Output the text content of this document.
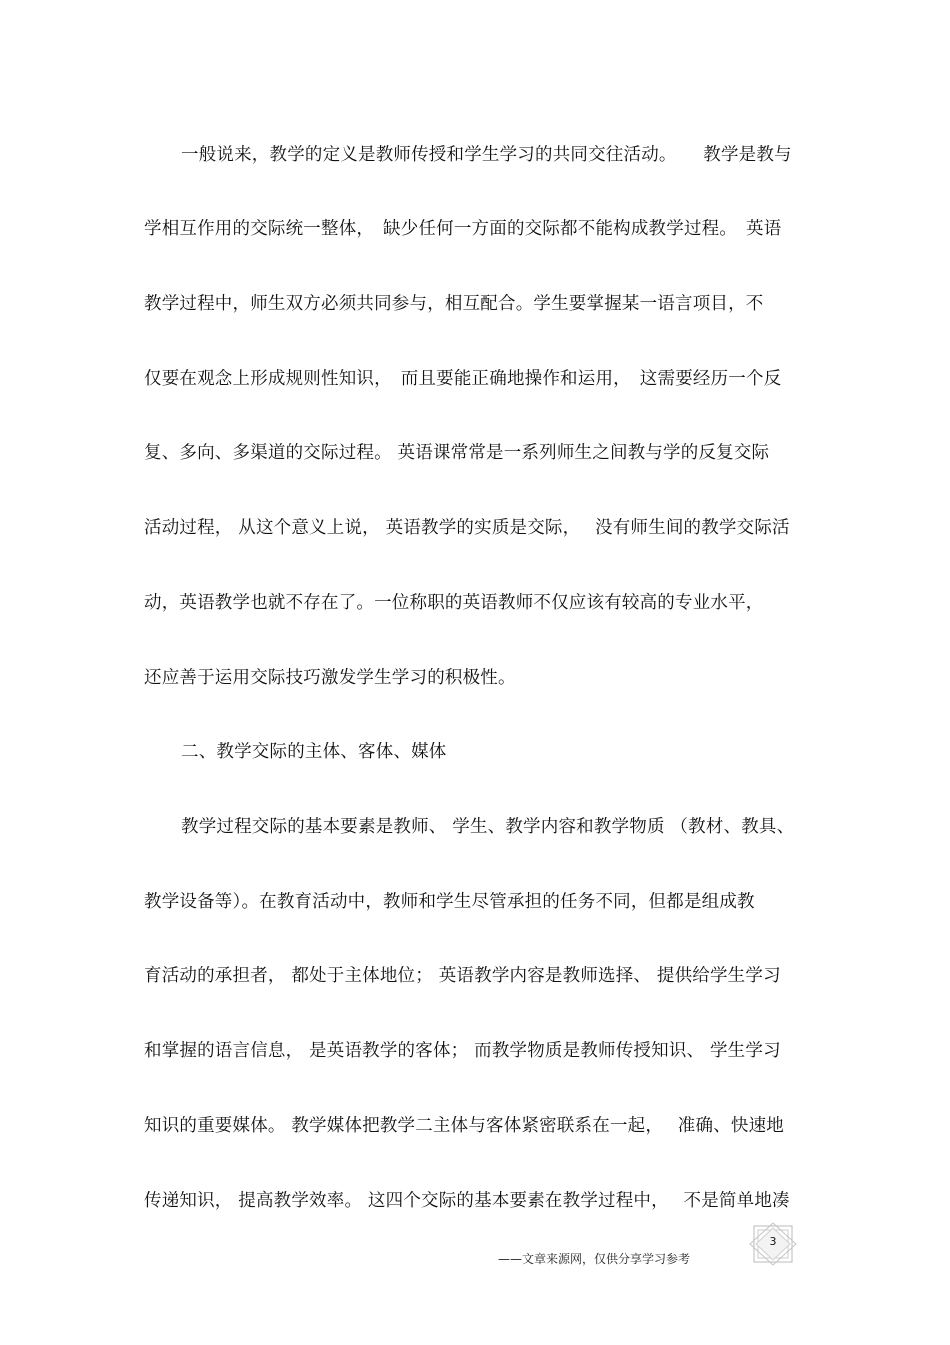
一般说来，教学的定义是教师传授和学生学习的共同交往活动。　　教学是教与
学相互作用的交际统一整体，　缺少任何一方面的交际都不能构成教学过程。　英语
教学过程中，师生双方必须共同参与，相互配合。学生要掌握某一语言项目，不
仅要在观念上形成规则性知识，　而且要能正确地操作和运用，　这需要经历一个反
复、多向、多渠道的交际过程。 英语课常常是一系列师生之间教与学的反复交际
活动过程， 从这个意义上说， 英语教学的实质是交际，　 没有师生间的教学交际活
动，英语教学也就不存在了。一位称职的英语教师不仅应该有较高的专业水平，
还应善于运用交际技巧激发学生学习的积极性。
二、教学交际的主体、客体、媒体
教学过程交际的基本要素是教师、 学生、教学内容和教学物质 （教材、教具、
教学设备等）。在教育活动中，教师和学生尽管承担的任务不同，但都是组成教
育活动的承担者， 都处于主体地位； 英语教学内容是教师选择、 提供给学生学习
和掌握的语言信息， 是英语教学的客体； 而教学物质是教师传授知识、 学生学习
知识的重要媒体。 教学媒体把教学二主体与客体紧密联系在一起，　 准确、快速地
传递知识， 提高教学效率。 这四个交际的基本要素在教学过程中，　 不是简单地凑
——文章来源网，仅供分享学习参考
3
